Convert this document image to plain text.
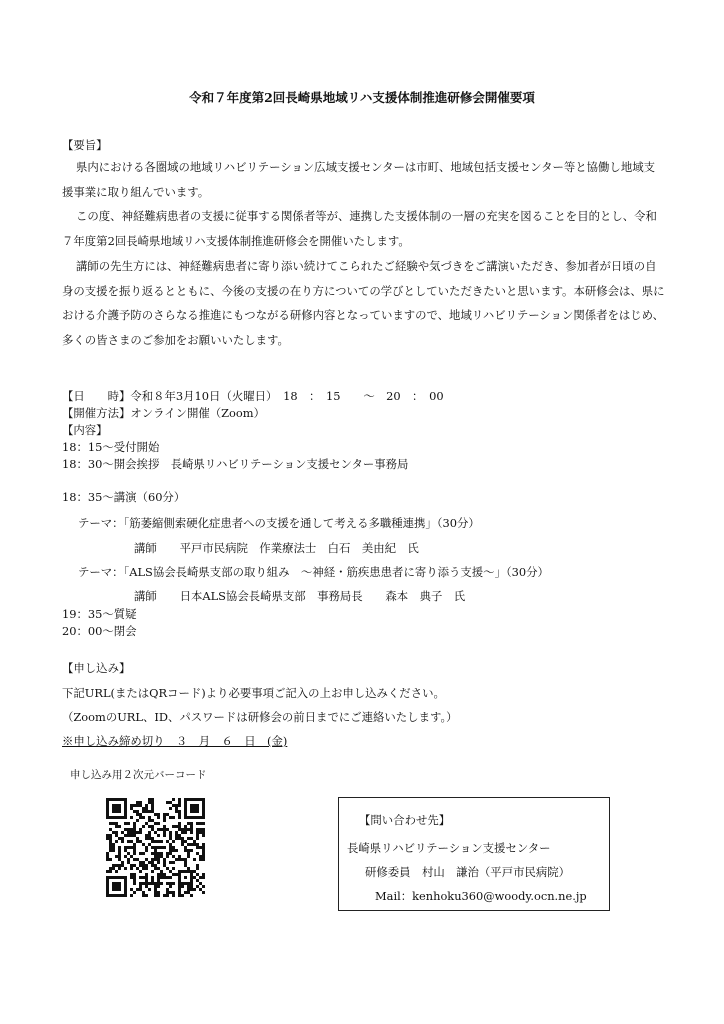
令和７年度第2回長崎県地域リハ支援体制推進研修会開催要項
【要旨】
県内における各圏域の地域リハビリテーション広域支援センターは市町、地域包括支援センター等と協働し地域支援事業に取り組んでいます。
この度、神経難病患者の支援に従事する関係者等が、連携した支援体制の一層の充実を図ることを目的とし、令和７年度第2回長崎県地域リハ支援体制推進研修会を開催いたします。
講師の先生方には、神経難病患者に寄り添い続けてこられたご経験や気づきをご講演いただき、参加者が日頃の自身の支援を振り返るとともに、今後の支援の在り方についての学びとしていただきたいと思います。本研修会は、県における介護予防のさらなる推進にもつながる研修内容となっていますので、地域リハビリテーション関係者をはじめ、多くの皆さまのご参加をお願いいたします。
【日　　時】令和８年3月10日（火曜日）　18　：　15　　～　20　：　00
【開催方法】オンライン開催（Zoom）
【内容】
18：15～受付開始
18：30～開会挨拶　長崎県リハビリテーション支援センター事務局
18：35～講演（60分）
テーマ：「筋萎縮側索硬化症患者への支援を通して考える多職種連携」（30分）
講師　　平戸市民病院　作業療法士　白石　美由紀　氏
テーマ：「ALS協会長崎県支部の取り組み　～神経・筋疾患患者に寄り添う支援～」（30分）
講師　　日本ALS協会長崎県支部　事務局長　　森本　典子　氏
19：35～質疑
20：00～閉会
【申し込み】
下記URL(またはQRコード)より必要事項ご記入の上お申し込みください。
（ZoomのURL、ID、パスワードは研修会の前日までにご連絡いたします。）
※申し込み締め切り　３　月　６　日　(金)
申し込み用２次元バーコード
【問い合わせ先】
長崎県リハビリテーション支援センター
研修委員　村山　謙治（平戸市民病院）
Mail：kenhoku360@woody.ocn.ne.jp
